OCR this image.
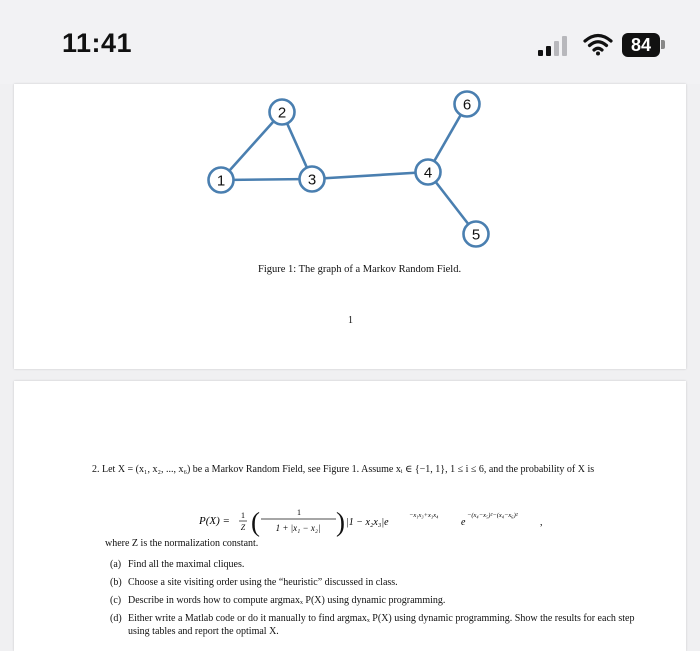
11:41	84
1
2
3	4
5
6
Figure 1: The graph of a Markov Random Field.
1
2. Let X = (x₁, x₂, ..., x₆) be a Markov Random Field, see Figure 1. Assume xᵢ ∈ {−1, 1}, 1 ≤ i ≤ 6, and the probability of X is
P(X) = 1
Z (	1
1 + |x₁ − x₂| ) |1 − x₂x₃|e
−x₁x₃+x₃x₄
e
−(x₄−x₅)²−(x₄−x₆)²
,
where Z is the normalization constant.
(a) Find all the maximal cliques.
(b) Choose a site visiting order using the “heuristic” discussed in class.
(c) Describe in words how to compute argmaxₓ P(X) using dynamic programming.
(d) Either write a Matlab code or do it manually to find argmaxₓ P(X) using dynamic programming. Show the results for each step using tables and report the optimal X.
